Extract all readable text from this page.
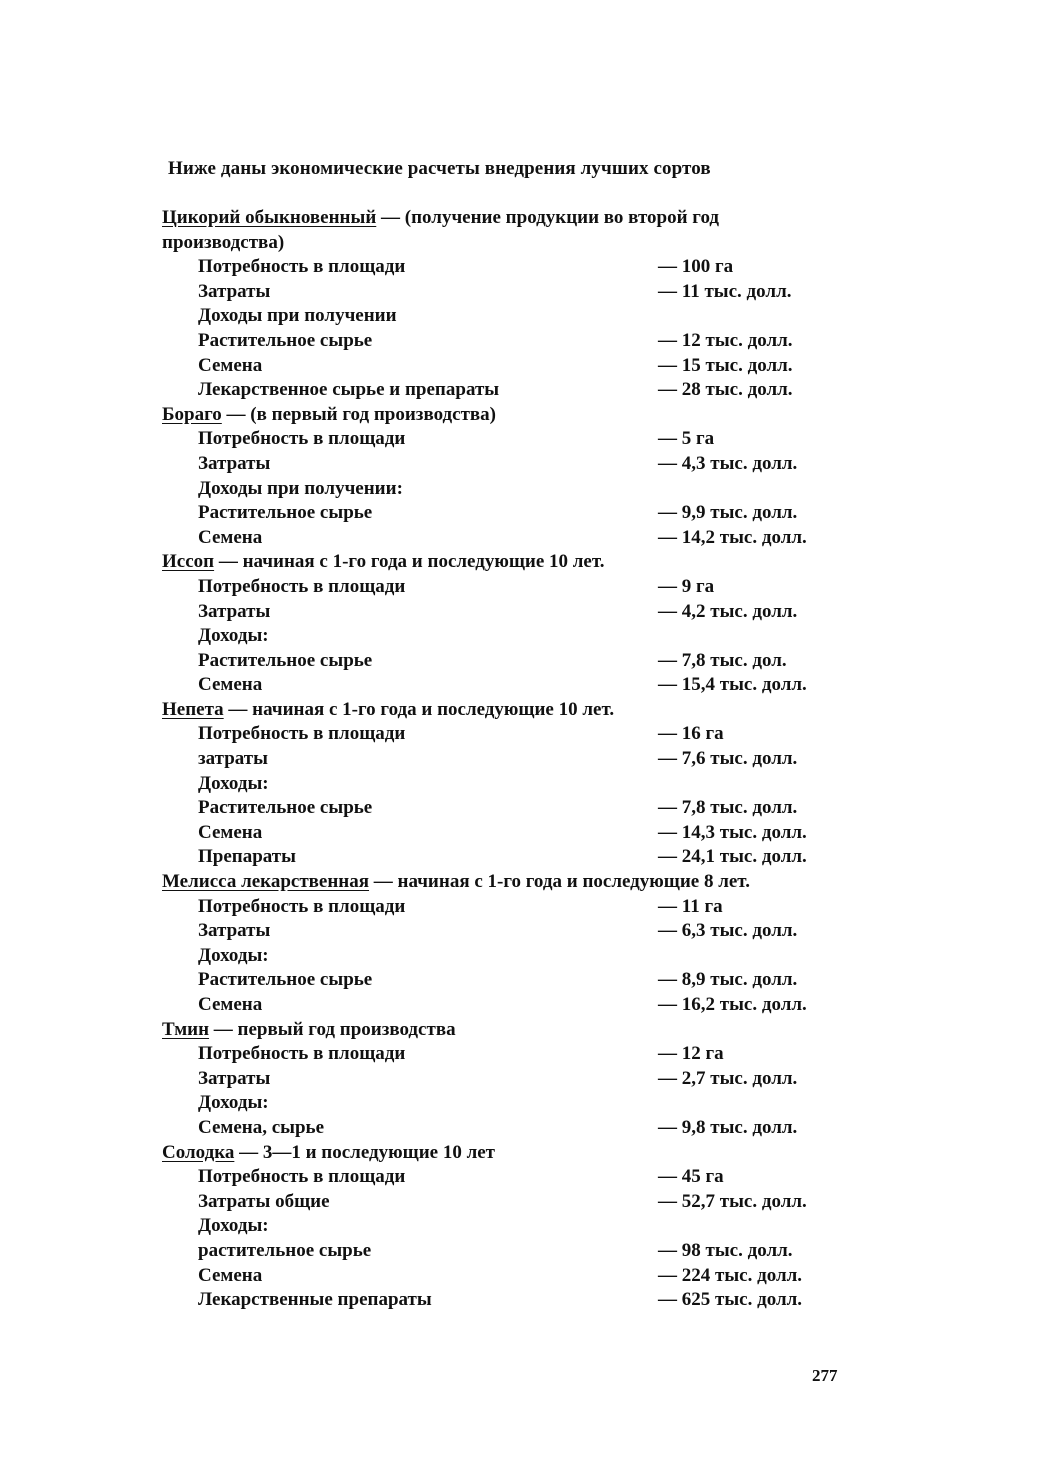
Ниже даны экономические расчеты внедрения лучших сортов
Цикорий обыкновенный — (получение продукции во второй год производства)
Потребность в площади	— 100 га
Затраты	— 11 тыс. долл.
Доходы при получении
Растительное сырье	— 12 тыс. долл.
Семена	— 15 тыс. долл.
Лекарственное сырье и препараты	— 28 тыс. долл.
Бораго — (в первый год производства)
Потребность в площади	— 5 га
Затраты	— 4,3 тыс. долл.
Доходы при получении:
Растительное сырье	— 9,9 тыс. долл.
Семена	— 14,2 тыс. долл.
Иссоп — начиная с 1-го года и последующие 10 лет.
Потребность в площади	— 9 га
Затраты	— 4,2 тыс. долл.
Доходы:
Растительное сырье	— 7,8 тыс. дол.
Семена	— 15,4 тыс. долл.
Непета — начиная с 1-го года и последующие 10 лет.
Потребность в площади	— 16 га
затраты	— 7,6 тыс. долл.
Доходы:
Растительное сырье	— 7,8 тыс. долл.
Семена	— 14,3 тыс. долл.
Препараты	— 24,1 тыс. долл.
Мелисса лекарственная — начиная с 1-го года и последующие 8 лет.
Потребность в площади	— 11 га
Затраты	— 6,3 тыс. долл.
Доходы:
Растительное сырье	— 8,9 тыс. долл.
Семена	— 16,2 тыс. долл.
Тмин — первый год производства
Потребность в площади	— 12 га
Затраты	— 2,7 тыс. долл.
Доходы:
Семена, сырье	— 9,8 тыс. долл.
Солодка — 3—1 и последующие 10 лет
Потребность в площади	— 45 га
Затраты общие	— 52,7 тыс. долл.
Доходы:
растительное сырье	— 98 тыс. долл.
Семена	— 224 тыс. долл.
Лекарственные препараты	— 625 тыс. долл.
277
